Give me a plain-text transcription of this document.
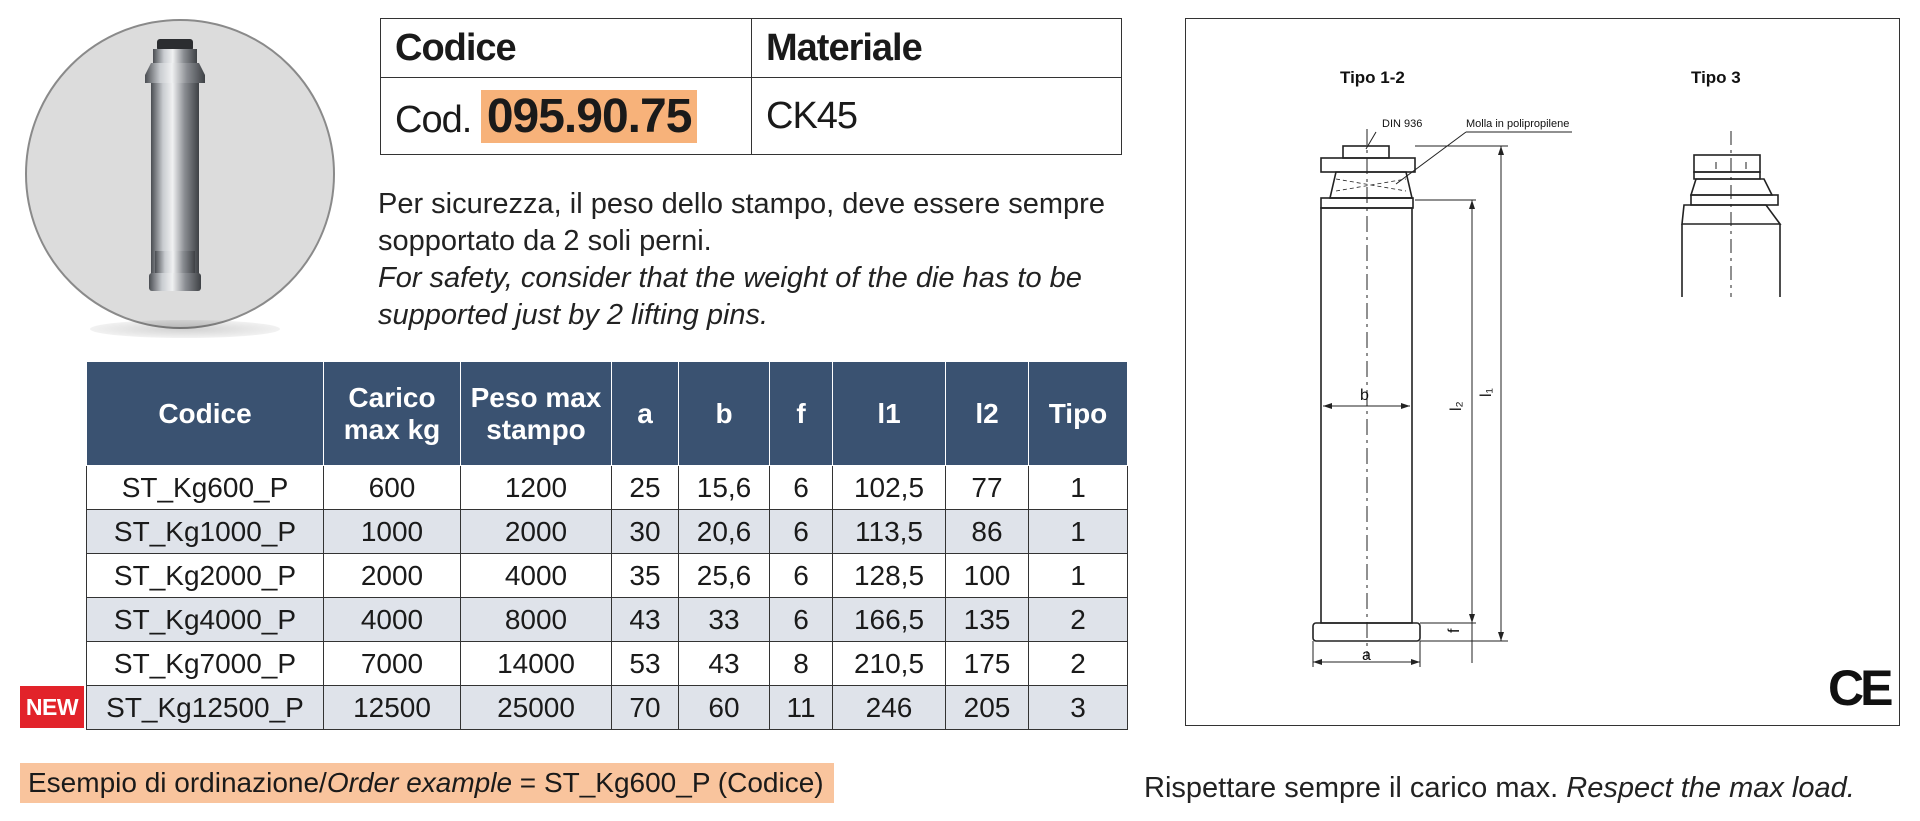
Codice	Materiale
Cod. 095.90.75	CK45
Per sicurezza, il peso dello stampo, deve essere sempre sopportato da 2 soli perni.
For safety, consider that the weight of the die has to be supported just by 2 lifting pins.
Codice	Carico max kg	Peso max stampo	a	b	f	l1	l2	Tipo
ST_Kg600_P	600	1200	25	15,6	6	102,5	77	1
ST_Kg1000_P	1000	2000	30	20,6	6	113,5	86	1
ST_Kg2000_P	2000	4000	35	25,6	6	128,5	100	1
ST_Kg4000_P	4000	8000	43	33	6	166,5	135	2
ST_Kg7000_P	7000	14000	53	43	8	210,5	175	2
ST_Kg12500_P	12500	25000	70	60	11	246	205	3
NEW
Esempio di ordinazione/Order example = ST_Kg600_P (Codice)
Tipo 1-2	Tipo 3
DIN 936	Molla in polipropilene
b
a
f
l₂
l₁
CE
Rispettare sempre il carico max. Respect the max load.
